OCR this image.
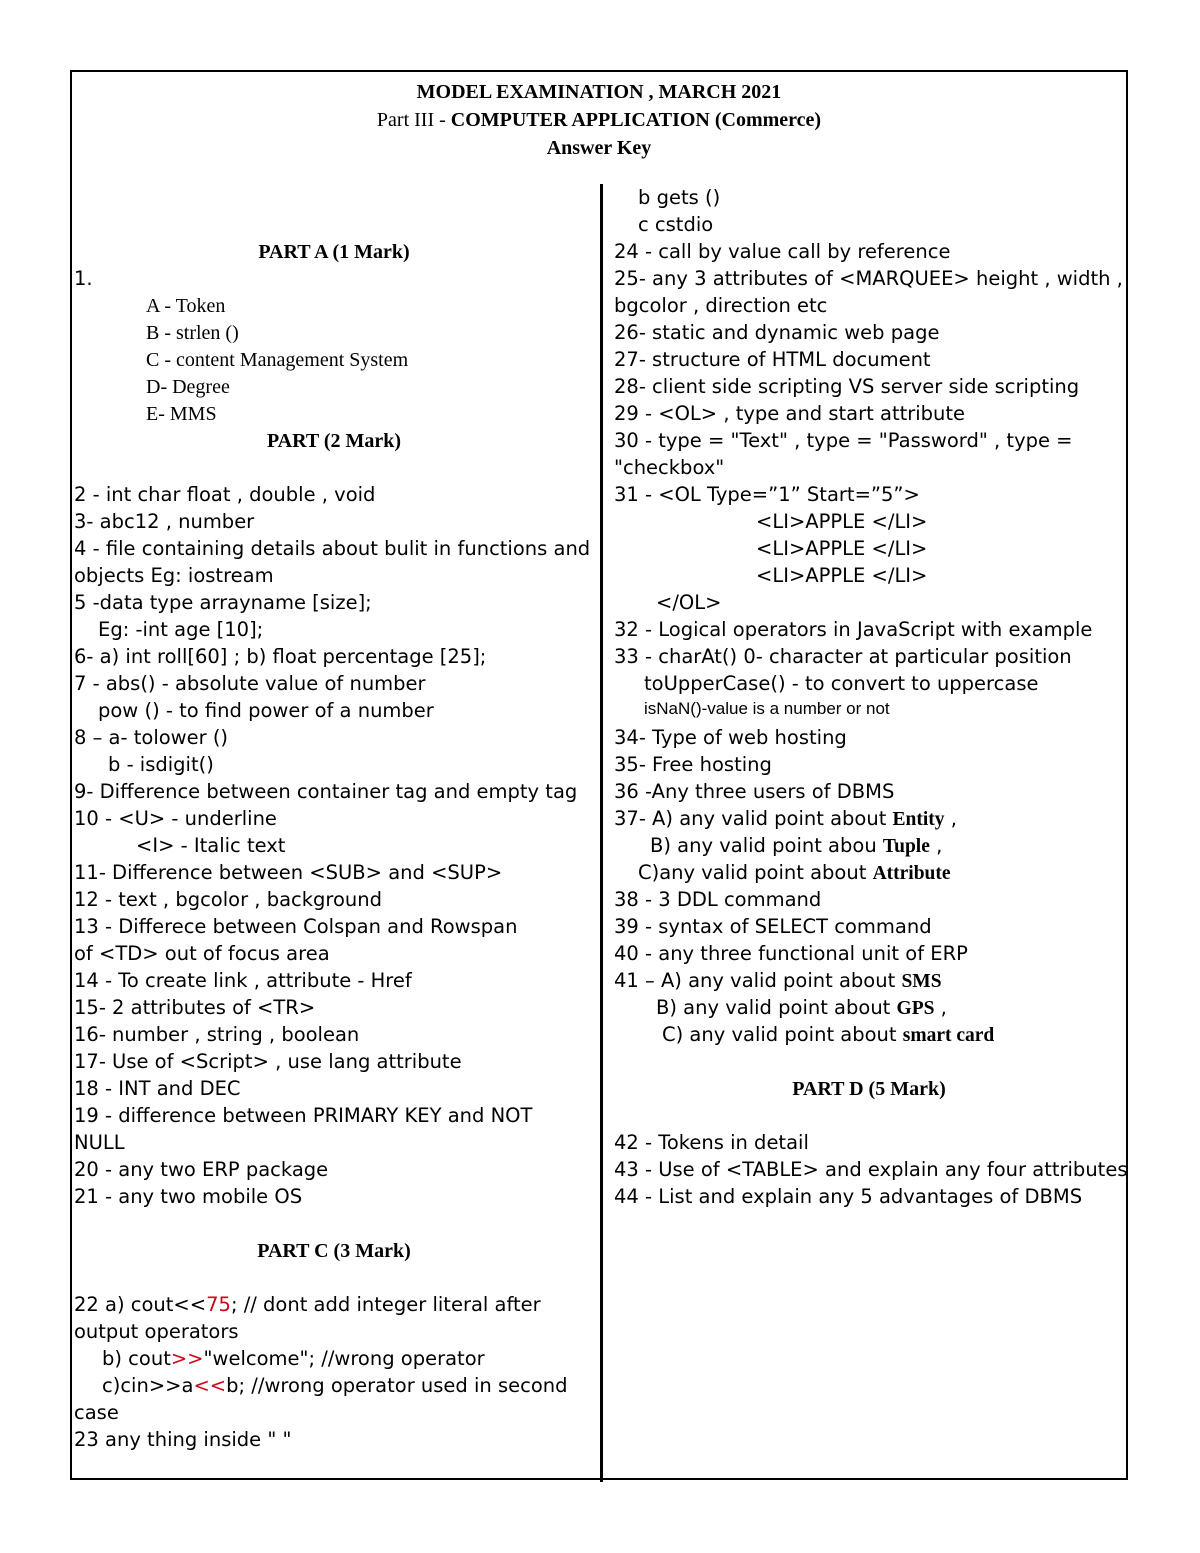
MODEL EXAMINATION , MARCH 2021
Part III - COMPUTER APPLICATION (Commerce)
Answer Key
PART A (1 Mark)
1.
A - Token
B - strlen ()
C - content Management System
D- Degree
E- MMS
PART (2 Mark)
2 - int char float , double , void
3- abc12 , number
4 - file containing details about bulit in functions and
objects Eg: iostream
5 -data type arrayname [size];
Eg: -int age [10];
6- a) int roll[60] ; b) float percentage [25];
7 - abs() - absolute value of number
pow () - to find power of a number
8 – a- tolower ()
b - isdigit()
9- Difference between container tag and empty tag
10 - <U> - underline
<I> - Italic text
11- Difference between <SUB> and <SUP>
12 - text , bgcolor , background
13 - Differece between Colspan and Rowspan
of <TD> out of focus area
14 - To create link , attribute - Href
15- 2 attributes of <TR>
16- number , string , boolean
17- Use of <Script> , use lang attribute
18 - INT and DEC
19 - difference between PRIMARY KEY and NOT
NULL
20 - any two ERP package
21 - any two mobile OS
PART C (3 Mark)
22 a) cout<<75; // dont add integer literal after
output operators
b) cout>>"welcome"; //wrong operator
c)cin>>a<<b; //wrong operator used in second
case
23 any thing inside " "
b gets ()
c cstdio
24 - call by value call by reference
25- any 3 attributes of <MARQUEE> height , width ,
bgcolor , direction etc
26- static and dynamic web page
27- structure of HTML document
28- client side scripting VS server side scripting
29 - <OL> , type and start attribute
30 - type = "Text" , type = "Password" , type =
"checkbox"
31 - <OL Type=”1” Start=”5”>
<LI>APPLE </LI>
<LI>APPLE </LI>
<LI>APPLE </LI>
</OL>
32 - Logical operators in JavaScript with example
33 - charAt() 0- character at particular position
toUpperCase() - to convert to uppercase
isNaN()-value is a number or not
34- Type of web hosting
35- Free hosting
36 -Any three users of DBMS
37- A) any valid point about Entity ,
B) any valid point abou Tuple ,
C)any valid point about Attribute
38 - 3 DDL command
39 - syntax of SELECT command
40 - any three functional unit of ERP
41 – A) any valid point about SMS
B) any valid point about GPS ,
C) any valid point about smart card
PART D (5 Mark)
42 - Tokens in detail
43 - Use of <TABLE> and explain any four attributes
44 - List and explain any 5 advantages of DBMS
